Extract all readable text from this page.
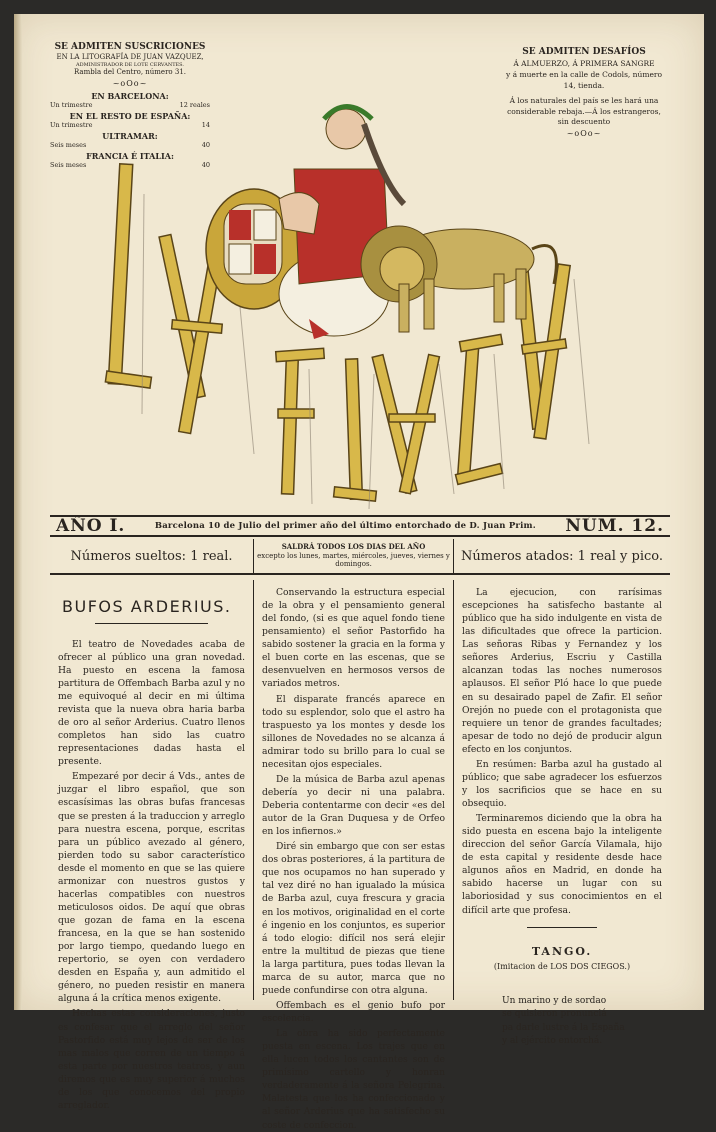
SE ADMITEN SUSCRICIONES
EN LA LITOGRAFÍA DE JUAN VAZQUEZ,
ADMINISTRADOR DE LOTE CERVANTES.
Rambla del Centro, número 31.
~oOo~
EN BARCELONA:
Un trimestre	12 reales
EN EL RESTO DE ESPAÑA:
Un trimestre	14
ULTRAMAR:
Seis meses	40
FRANCIA É ITALIA:
Seis meses	40
SE ADMITEN DESAFÍOS
Á ALMUERZO, Á PRIMERA SANGRE
y á muerte en la calle de Codols, número 14, tienda.
Á los naturales del país se les hará una considerable rebaja.—Á los estrangeros, sin descuento
~oOo~
AÑO I.	Barcelona 10 de Julio del primer año del último entorchado de D. Juan Prim. NÚM. 12.
Números sueltos: 1 real.
SALDRÁ TODOS LOS DIAS DEL AÑO
excepto los lunes, martes, miércoles, jueves, viernes y domingos.
Números atados: 1 real y pico.
BUFOS ARDERIUS.

El teatro de Novedades acaba de ofrecer al público una gran novedad. Ha puesto en escena la famosa partitura de Offembach Barba azul y no me equivoqué al decir en mi última revista que la nueva obra haria barba de oro al señor Arderius. Cuatro llenos completos han sido las cuatro representaciones dadas hasta el presente.

Empezaré por decir á Vds., antes de juzgar el libro español, que son escasísimas las obras bufas francesas que se presten á la traduccion y arreglo para nuestra escena, porque, escritas para un público avezado al género, pierden todo su sabor característico desde el momento en que se las quiere armonizar con nuestros gustos y hacerlas compatibles con nuestros meticulosos oidos. De aquí que obras que gozan de fama en la escena francesa, en la que se han sostenido por largo tiempo, quedando luego en repertorio, se oyen con verdadero desden en España y, aun admitido el género, no pueden resistir en manera alguna á la crítica menos exigente.

Hechas estas consideraciones, justo es confesar que el arreglo del señor Pastorfido está muy lejos de ser de los mas malos que corren de un tiempo á esta parte por nuestros teatros, y aun diremos que es muy superior á muchos de los que conocemos del propio arreglador.

Conservando la estructura especial de la obra y el pensamiento general del fondo, (si es que aquel fondo tiene pensamiento) el señor Pastorfido ha sabido sostener la gracia en la forma y el buen corte en las escenas, que se desenvuelven en hermosos versos de variados metros.

El disparate francés aparece en todo su esplendor, solo que el astro ha traspuesto ya los montes y desde los sillones de Novedades no se alcanza á admirar todo su brillo para lo cual se necesitan ojos especiales.

De la música de Barba azul apenas debería yo decir ni una palabra. Deberia contentarme con decir «es del autor de la Gran Duquesa y de Orfeo en los infiernos.»

Diré sin embargo que con ser estas dos obras posteriores, á la partitura de que nos ocupamos no han superado y tal vez diré no han igualado la música de Barba azul, cuya frescura y gracia en los motivos, originalidad en el corte é ingenio en los conjuntos, es superior á todo elogio: difícil nos será elejir entre la multitud de piezas que tiene la larga partitura, pues todas llevan la marca de su autor, marca que no puede confundirse con otra alguna.

Offembach es el genio bufo por escelencia.

La obra ha sido perfectamente puesta en escena. Los trajes que en ella lucen todos los cantantes son de primísimo cartello y honran verdaderamente á la señora Pelegrina. Malatesta que los ha confeccionado y al señor Arderius que ha satisfecho su coste de confeccion.

La ejecucion, con rarísimas escepciones ha satisfecho bastante al público que ha sido indulgente en vista de las dificultades que ofrece la particion. Las señoras Ribas y Fernandez y los señores Arderius, Escriu y Castilla alcanzan todas las noches numerosos aplausos. El señor Pló hace lo que puede en su desairado papel de Zafir. El señor Orejón no puede con el protagonista que requiere un tenor de grandes facultades; apesar de todo no dejó de producir algun efecto en los conjuntos.

En resúmen: Barba azul ha gustado al público; que sabe agradecer los esfuerzos y los sacrificios que se hace en su obsequio.

Terminaremos diciendo que la obra ha sido puesta en escena bajo la inteligente direccion del señor García Vilamala, hijo de esta capital y residente desde hace algunos años en Madrid, en donde ha sabido hacerse un lugar con su laboriosidad y sus conocimientos en el difícil arte que profesa.

TANGO.
(Imitacion de LOS DOS CIEGOS.)
Un marino y de sordao
se quisieron pronunciá
pa darle lustre á la España
y al ejército entorchá.
